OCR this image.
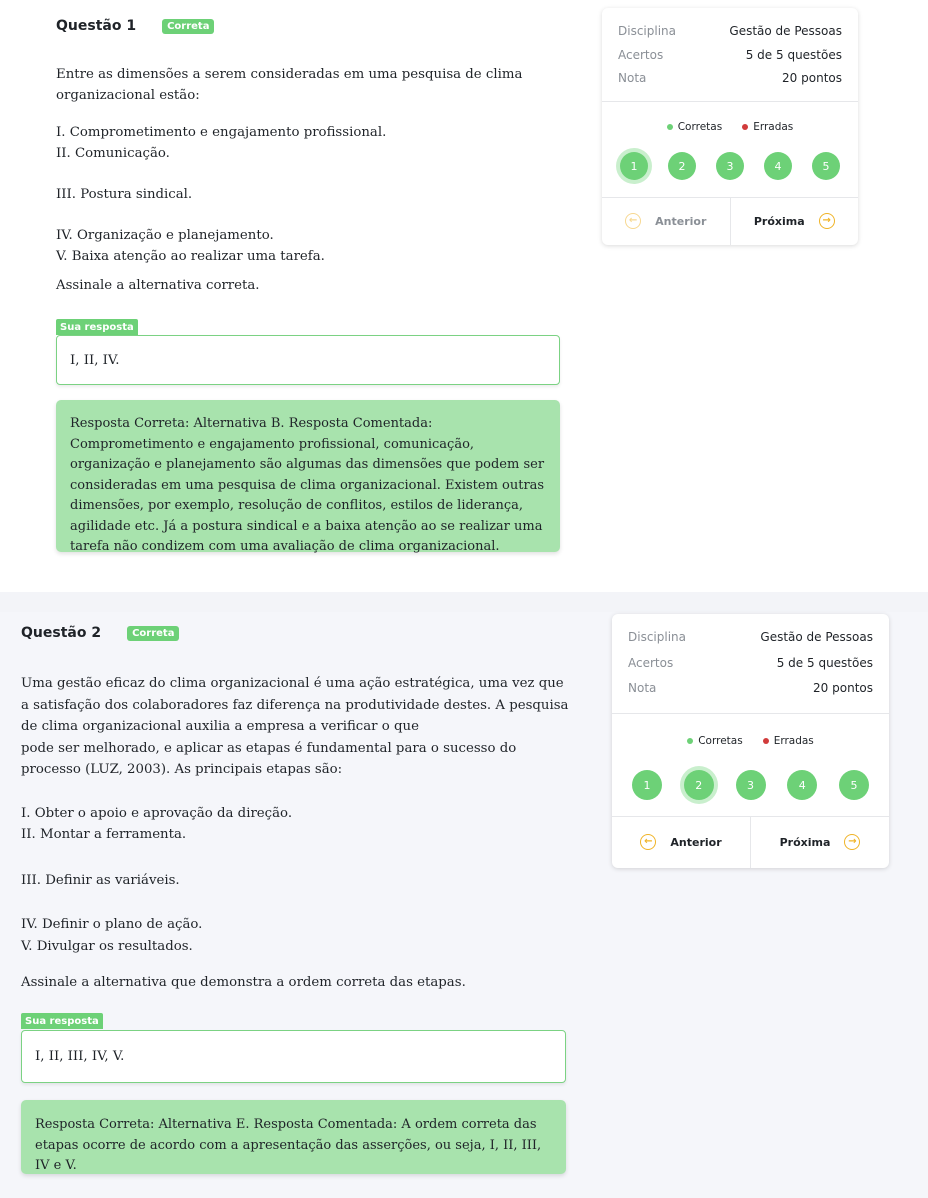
Questão 1	Correta

Entre as dimensões a serem consideradas em uma pesquisa de clima organizacional estão:

I. Comprometimento e engajamento profissional.

II. Comunicação.

III. Postura sindical.

IV. Organização e planejamento.

V. Baixa atenção ao realizar uma tarefa.

Assinale a alternativa correta.

Sua resposta
I, II, IV.
Resposta Correta: Alternativa B. Resposta Comentada: Comprometimento e engajamento profissional, comunicação, organização e planejamento são algumas das dimensões que podem ser consideradas em uma pesquisa de clima organizacional. Existem outras dimensões, por exemplo, resolução de conflitos, estilos de liderança, agilidade etc. Já a postura sindical e a baixa atenção ao se realizar uma tarefa não condizem com uma avaliação de clima organizacional.
Disciplina	Gestão de Pessoas
Acertos	5 de 5 questões
Nota	20 pontos
Corretas	Erradas
1	2	3	4	5
←	Anterior	Próxima	→
Questão 2	Correta

Uma gestão eficaz do clima organizacional é uma ação estratégica, uma vez que a satisfação dos colaboradores faz diferença na produtividade destes. A pesquisa de clima organizacional auxilia a empresa a verificar o que

pode ser melhorado, e aplicar as etapas é fundamental para o sucesso do processo (LUZ, 2003). As principais etapas são:

I. Obter o apoio e aprovação da direção.

II. Montar a ferramenta.

III. Definir as variáveis.

IV. Definir o plano de ação.

V. Divulgar os resultados.

Assinale a alternativa que demonstra a ordem correta das etapas.

Sua resposta
I, II, III, IV, V.
Resposta Correta: Alternativa E. Resposta Comentada: A ordem correta das etapas ocorre de acordo com a apresentação das asserções, ou seja, I, II, III, IV e V.
Disciplina	Gestão de Pessoas
Acertos	5 de 5 questões
Nota	20 pontos
Corretas	Erradas
1	2	3	4	5
←	Anterior	Próxima	→
